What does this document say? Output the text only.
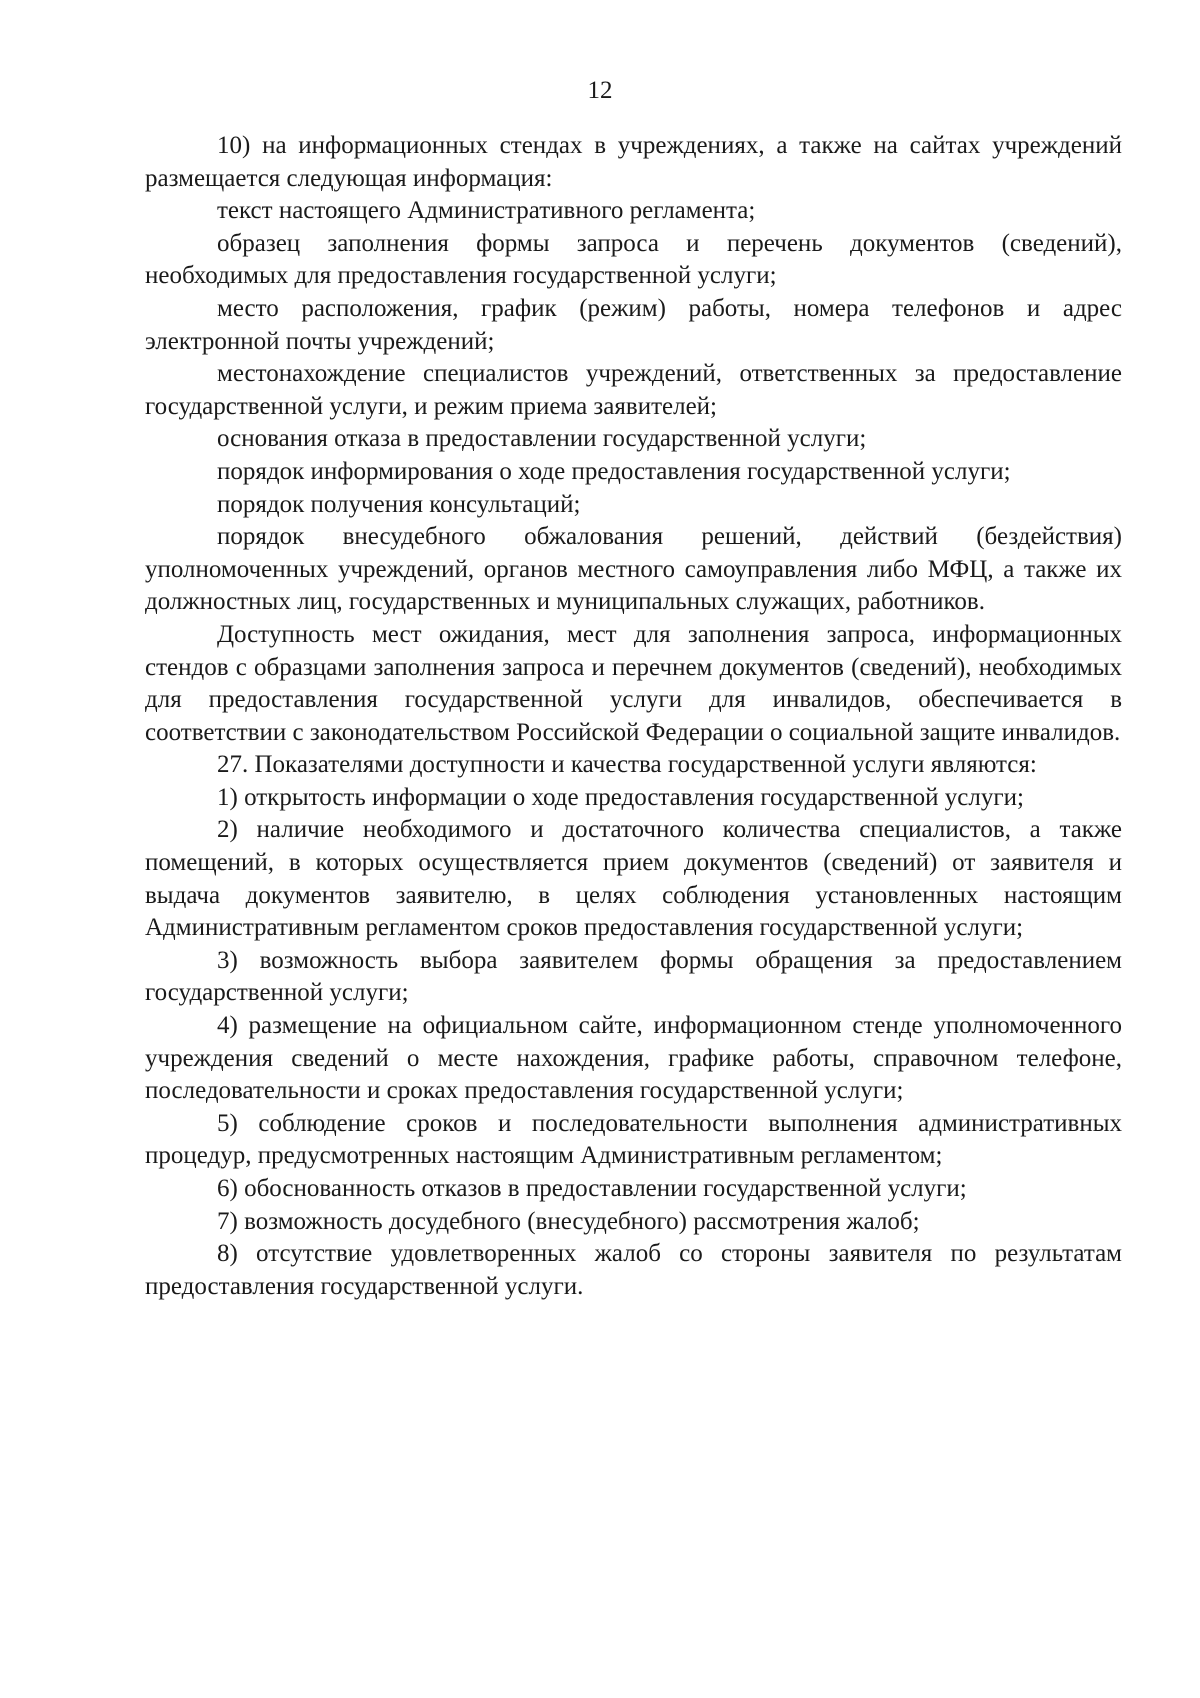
12

10) на информационных стендах в учреждениях, а также на сайтах учреждений размещается следующая информация:

текст настоящего Административного регламента;

образец заполнения формы запроса и перечень документов (сведений), необходимых для предоставления государственной услуги;

место расположения, график (режим) работы, номера телефонов и адрес электронной почты учреждений;

местонахождение специалистов учреждений, ответственных за предоставление государственной услуги, и режим приема заявителей;

основания отказа в предоставлении государственной услуги;

порядок информирования о ходе предоставления государственной услуги;

порядок получения консультаций;

порядок внесудебного обжалования решений, действий (бездействия) уполномоченных учреждений, органов местного самоуправления либо МФЦ, а также их должностных лиц, государственных и муниципальных служащих, работников.

Доступность мест ожидания, мест для заполнения запроса, информационных стендов с образцами заполнения запроса и перечнем документов (сведений), необходимых для предоставления государственной услуги для инвалидов, обеспечивается в соответствии с законодательством Российской Федерации о социальной защите инвалидов.

27. Показателями доступности и качества государственной услуги являются:

1) открытость информации о ходе предоставления государственной услуги;

2) наличие необходимого и достаточного количества специалистов, а также помещений, в которых осуществляется прием документов (сведений) от заявителя и выдача документов заявителю, в целях соблюдения установленных настоящим Административным регламентом сроков предоставления государственной услуги;

3) возможность выбора заявителем формы обращения за предоставлением государственной услуги;

4) размещение на официальном сайте, информационном стенде уполномоченного учреждения сведений о месте нахождения, графике работы, справочном телефоне, последовательности и сроках предоставления государственной услуги;

5) соблюдение сроков и последовательности выполнения административных процедур, предусмотренных настоящим Административным регламентом;

6) обоснованность отказов в предоставлении государственной услуги;

7) возможность досудебного (внесудебного) рассмотрения жалоб;

8) отсутствие удовлетворенных жалоб со стороны заявителя по результатам предоставления государственной услуги.
